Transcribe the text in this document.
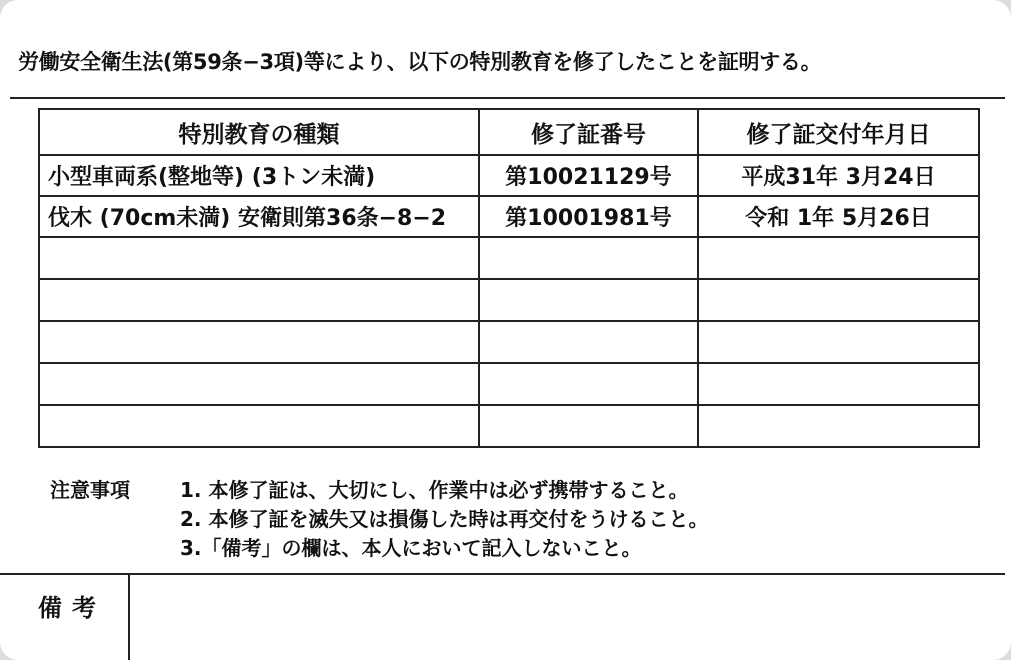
労働安全衛生法(第59条−3項)等により、以下の特別教育を修了したことを証明する。
特別教育の種類	修了証番号	修了証交付年月日
小型車両系(整地等) (3トン未満)	第10021129号	平成31年 3月24日
伐木 (70cm未満) 安衛則第36条−8−2	第10001981号	令和 1年 5月26日

注意事項	1. 本修了証は、大切にし、作業中は必ず携帯すること。
2. 本修了証を滅失又は損傷した時は再交付をうけること。
3.「備考」の欄は、本人において記入しないこと。
備考
